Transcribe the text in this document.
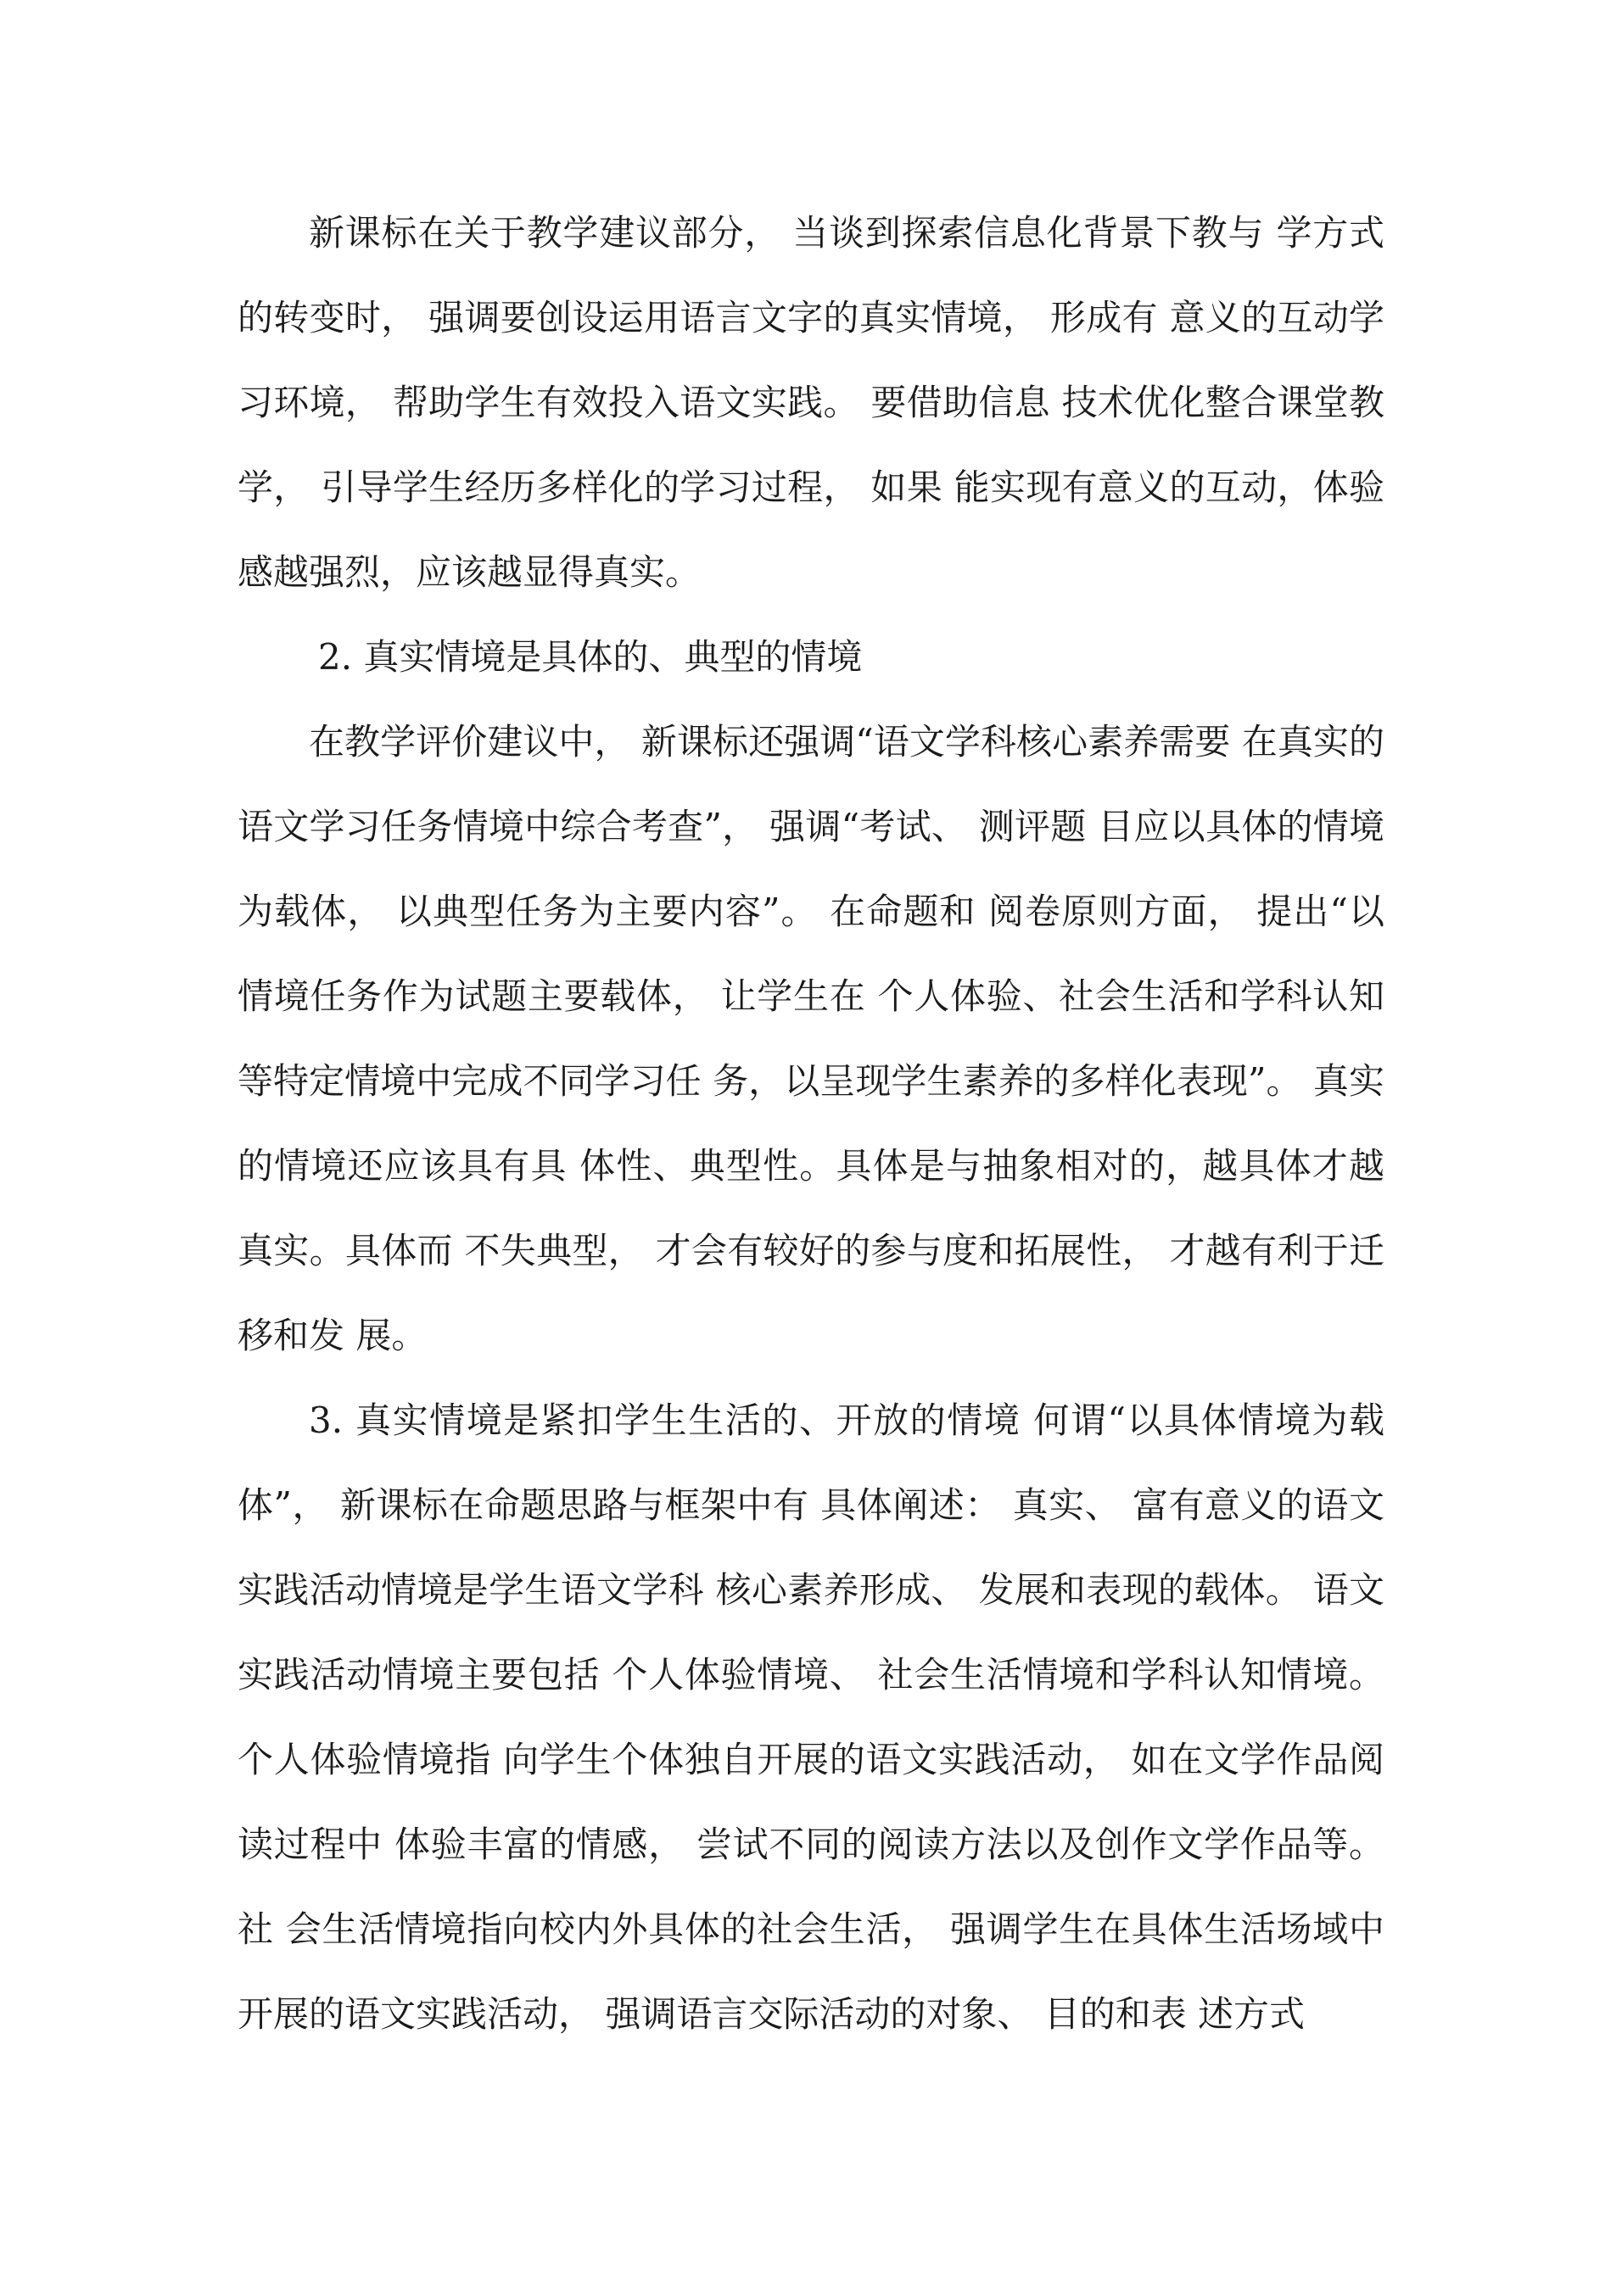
新课标在关于教学建议部分， 当谈到探索信息化背景下教与 学方式的转变时， 强调要创设运用语言文字的真实情境， 形成有 意义的互动学习环境， 帮助学生有效投入语文实践。 要借助信息 技术优化整合课堂教学， 引导学生经历多样化的学习过程， 如果 能实现有意义的互动，体验感越强烈，应该越显得真实。

2. 真实情境是具体的、典型的情境

在教学评价建议中， 新课标还强调“语文学科核心素养需要 在真实的语文学习任务情境中综合考查”， 强调“考试、 测评题 目应以具体的情境为载体， 以典型任务为主要内容”。 在命题和 阅卷原则方面， 提出“以情境任务作为试题主要载体， 让学生在 个人体验、社会生活和学科认知等特定情境中完成不同学习任 务，以呈现学生素养的多样化表现”。 真实的情境还应该具有具 体性、典型性。具体是与抽象相对的，越具体才越真实。具体而 不失典型， 才会有较好的参与度和拓展性， 才越有利于迁移和发 展。

3. 真实情境是紧扣学生生活的、开放的情境 何谓“以具体情境为载体”， 新课标在命题思路与框架中有 具体阐述： 真实、 富有意义的语文实践活动情境是学生语文学科 核心素养形成、 发展和表现的载体。 语文实践活动情境主要包括 个人体验情境、 社会生活情境和学科认知情境。 个人体验情境指 向学生个体独自开展的语文实践活动， 如在文学作品阅读过程中 体验丰富的情感， 尝试不同的阅读方法以及创作文学作品等。 社 会生活情境指向校内外具体的社会生活， 强调学生在具体生活场域中开展的语文实践活动， 强调语言交际活动的对象、 目的和表 述方式
